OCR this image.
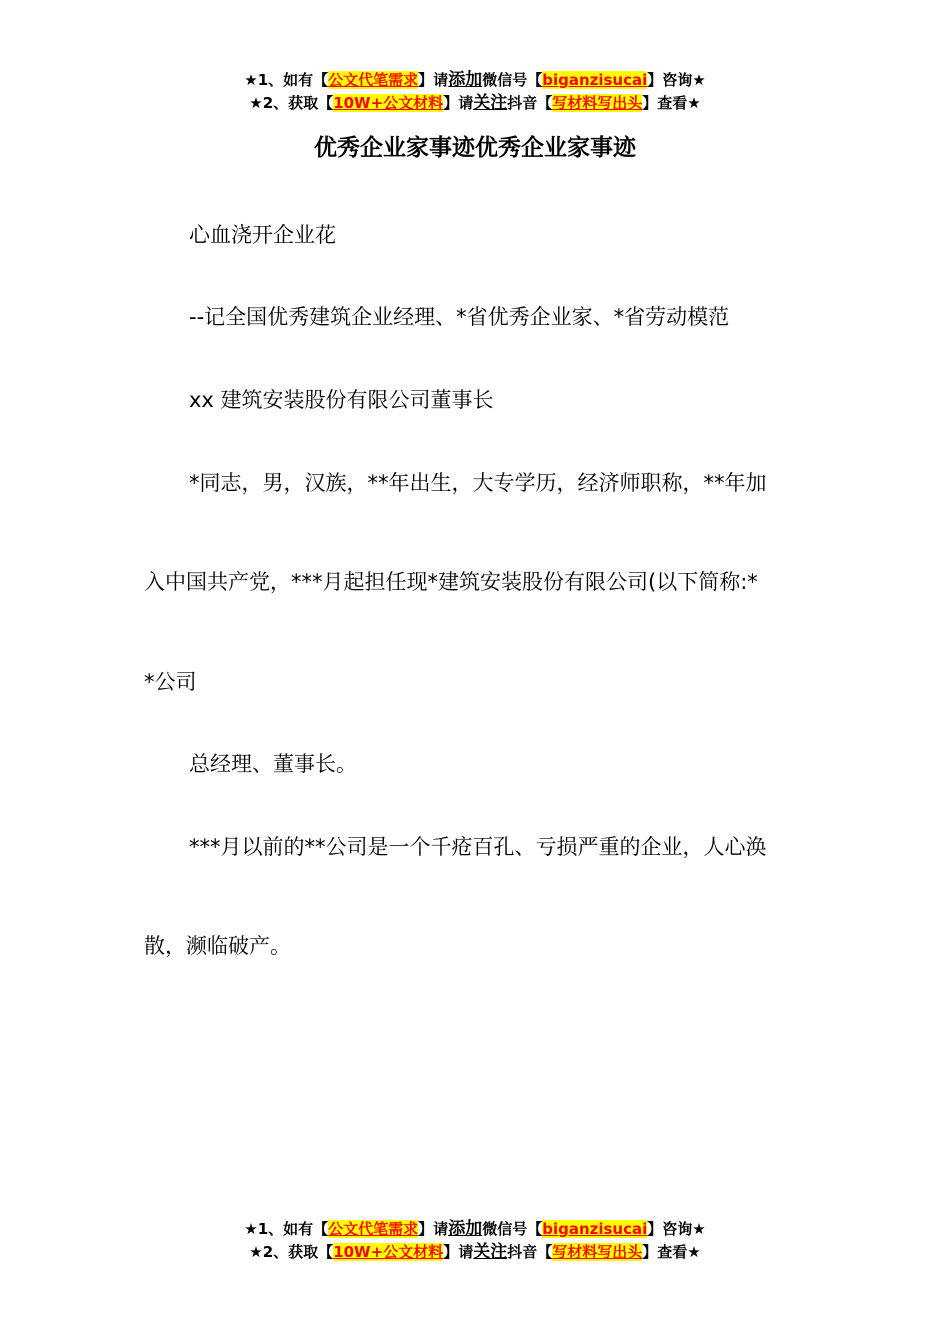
★1、如有【公文代笔需求】请添加微信号【biganzisucai】咨询★
★2、获取【10W+公文材料】请关注抖音【写材料写出头】查看★
优秀企业家事迹优秀企业家事迹
心血浇开企业花
--记全国优秀建筑企业经理、*省优秀企业家、*省劳动模范
xx 建筑安装股份有限公司董事长
*同志，男，汉族，**年出生，大专学历，经济师职称，**年加
入中国共产党，***月起担任现*建筑安装股份有限公司(以下简称:*
*公司
总经理、董事长。
***月以前的**公司是一个千疮百孔、亏损严重的企业，人心涣
散，濒临破产。
★1、如有【公文代笔需求】请添加微信号【biganzisucai】咨询★
★2、获取【10W+公文材料】请关注抖音【写材料写出头】查看★
